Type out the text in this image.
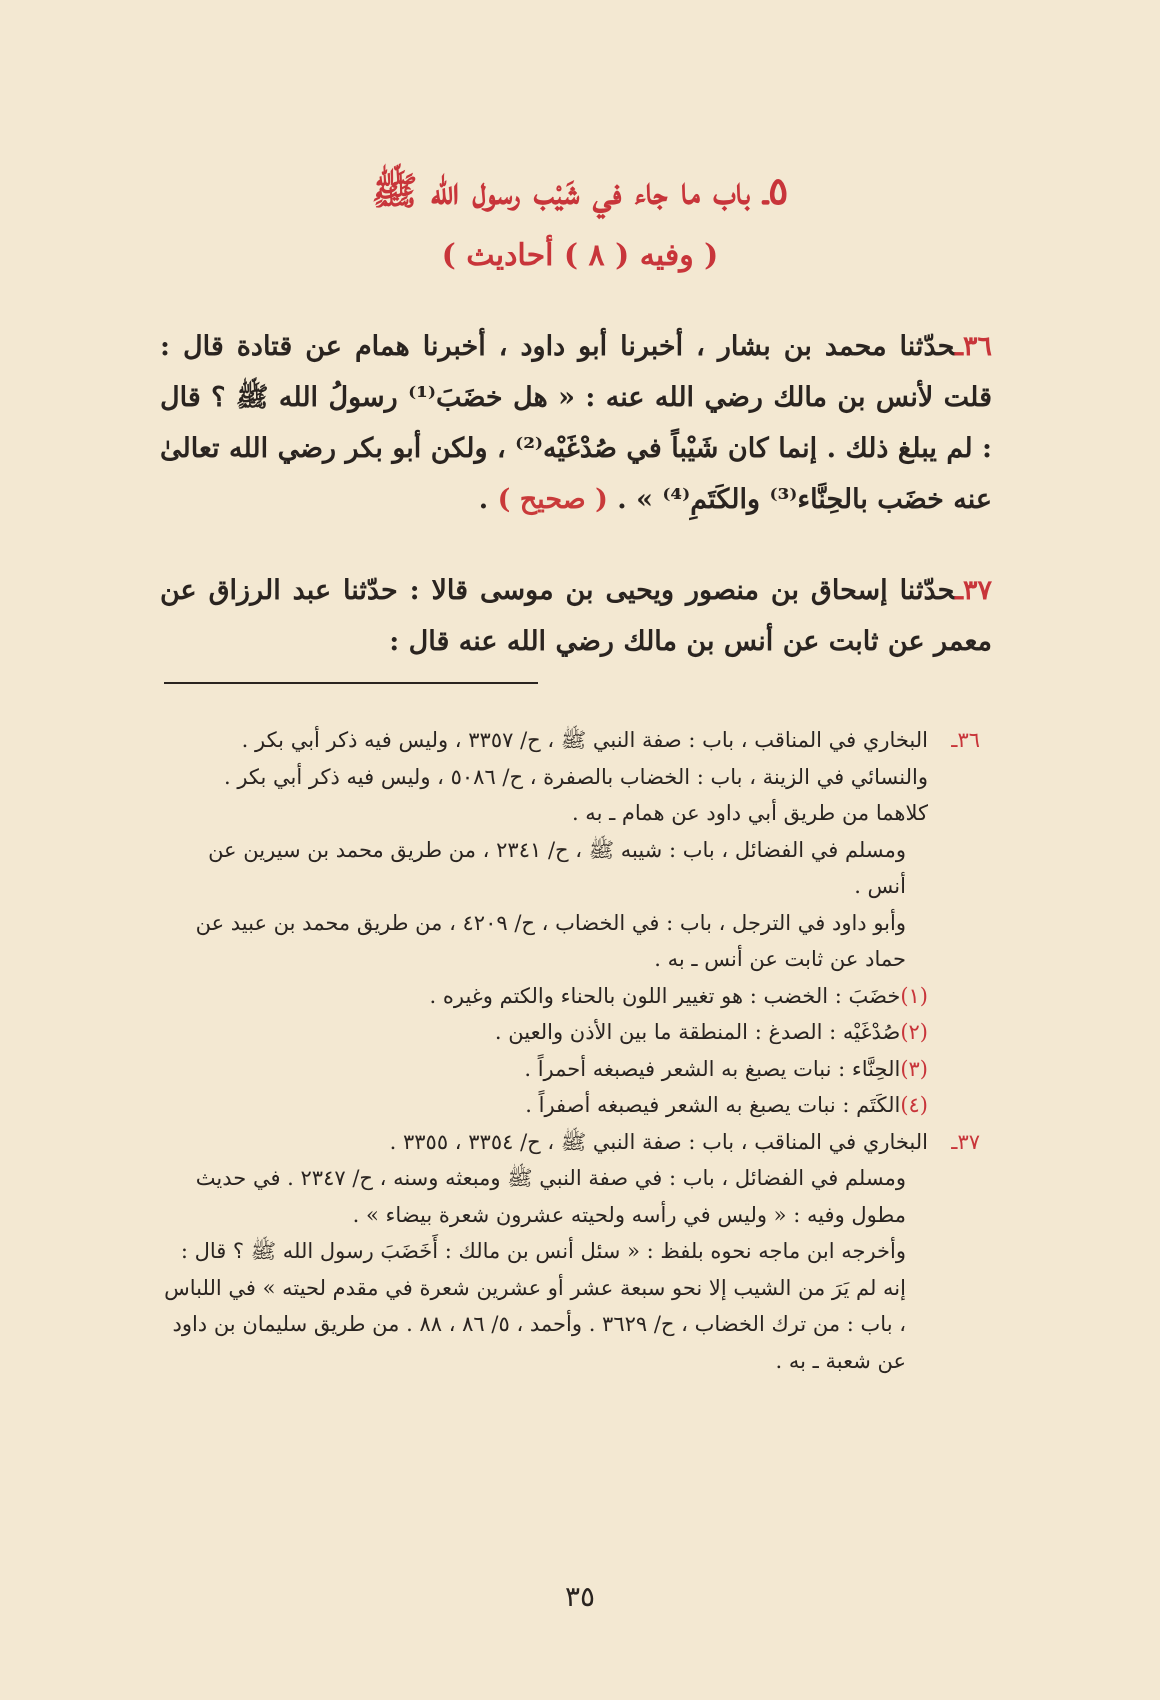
٥ـ باب ما جاء في شَيْب رسول الله ﷺ
( وفيه ( ٨ ) أحاديث )
٣٦ـحدّثنا محمد بن بشار ، أخبرنا أبو داود ، أخبرنا همام عن قتادة قال : قلت لأنس بن مالك رضي الله عنه : « هل خضَبَ⁽¹⁾ رسولُ الله ﷺ ؟ قال : لم يبلغ ذلك . إنما كان شَيْباً في صُدْغَيْه⁽²⁾ ، ولكن أبو بكر رضي الله تعالىٰ عنه خضَب بالحِنَّاء⁽³⁾ والكَتَمِ⁽⁴⁾ » . ( صحيح ) .
٣٧ـحدّثنا إسحاق بن منصور ويحيى بن موسى قالا : حدّثنا عبد الرزاق عن معمر عن ثابت عن أنس بن مالك رضي الله عنه قال :
٣٦ـ
البخاري في المناقب ، باب : صفة النبي ﷺ ، ح/ ٣٣٥٧ ، وليس فيه ذكر أبي بكر .
والنسائي في الزينة ، باب : الخضاب بالصفرة ، ح/ ٥٠٨٦ ، وليس فيه ذكر أبي بكر .
كلاهما من طريق أبي داود عن همام ـ به .
ومسلم في الفضائل ، باب : شيبه ﷺ ، ح/ ٢٣٤١ ، من طريق محمد بن سيرين عن أنس .
وأبو داود في الترجل ، باب : في الخضاب ، ح/ ٤٢٠٩ ، من طريق محمد بن عبيد عن حماد عن ثابت عن أنس ـ به .
(١)خضَبَ : الخضب : هو تغيير اللون بالحناء والكتم وغيره .
(٢)صُدْغَيْه : الصدغ : المنطقة ما بين الأذن والعين .
(٣)الحِنَّاء : نبات يصبغ به الشعر فيصبغه أحمراً .
(٤)الكَتَم : نبات يصبغ به الشعر فيصبغه أصفراً .
٣٧ـ
البخاري في المناقب ، باب : صفة النبي ﷺ ، ح/ ٣٣٥٤ ، ٣٣٥٥ .
ومسلم في الفضائل ، باب : في صفة النبي ﷺ ومبعثه وسنه ، ح/ ٢٣٤٧ . في حديث مطول وفيه : « وليس في رأسه ولحيته عشرون شعرة بيضاء » .
وأخرجه ابن ماجه نحوه بلفظ : « سئل أنس بن مالك : أَخَضَبَ رسول الله ﷺ ؟ قال : إنه لم يَرَ من الشيب إلا نحو سبعة عشر أو عشرين شعرة في مقدم لحيته » في اللباس ، باب : من ترك الخضاب ، ح/ ٣٦٢٩ . وأحمد ، ٥/ ٨٦ ، ٨٨ . من طريق سليمان بن داود عن شعبة ـ به .
٣٥
